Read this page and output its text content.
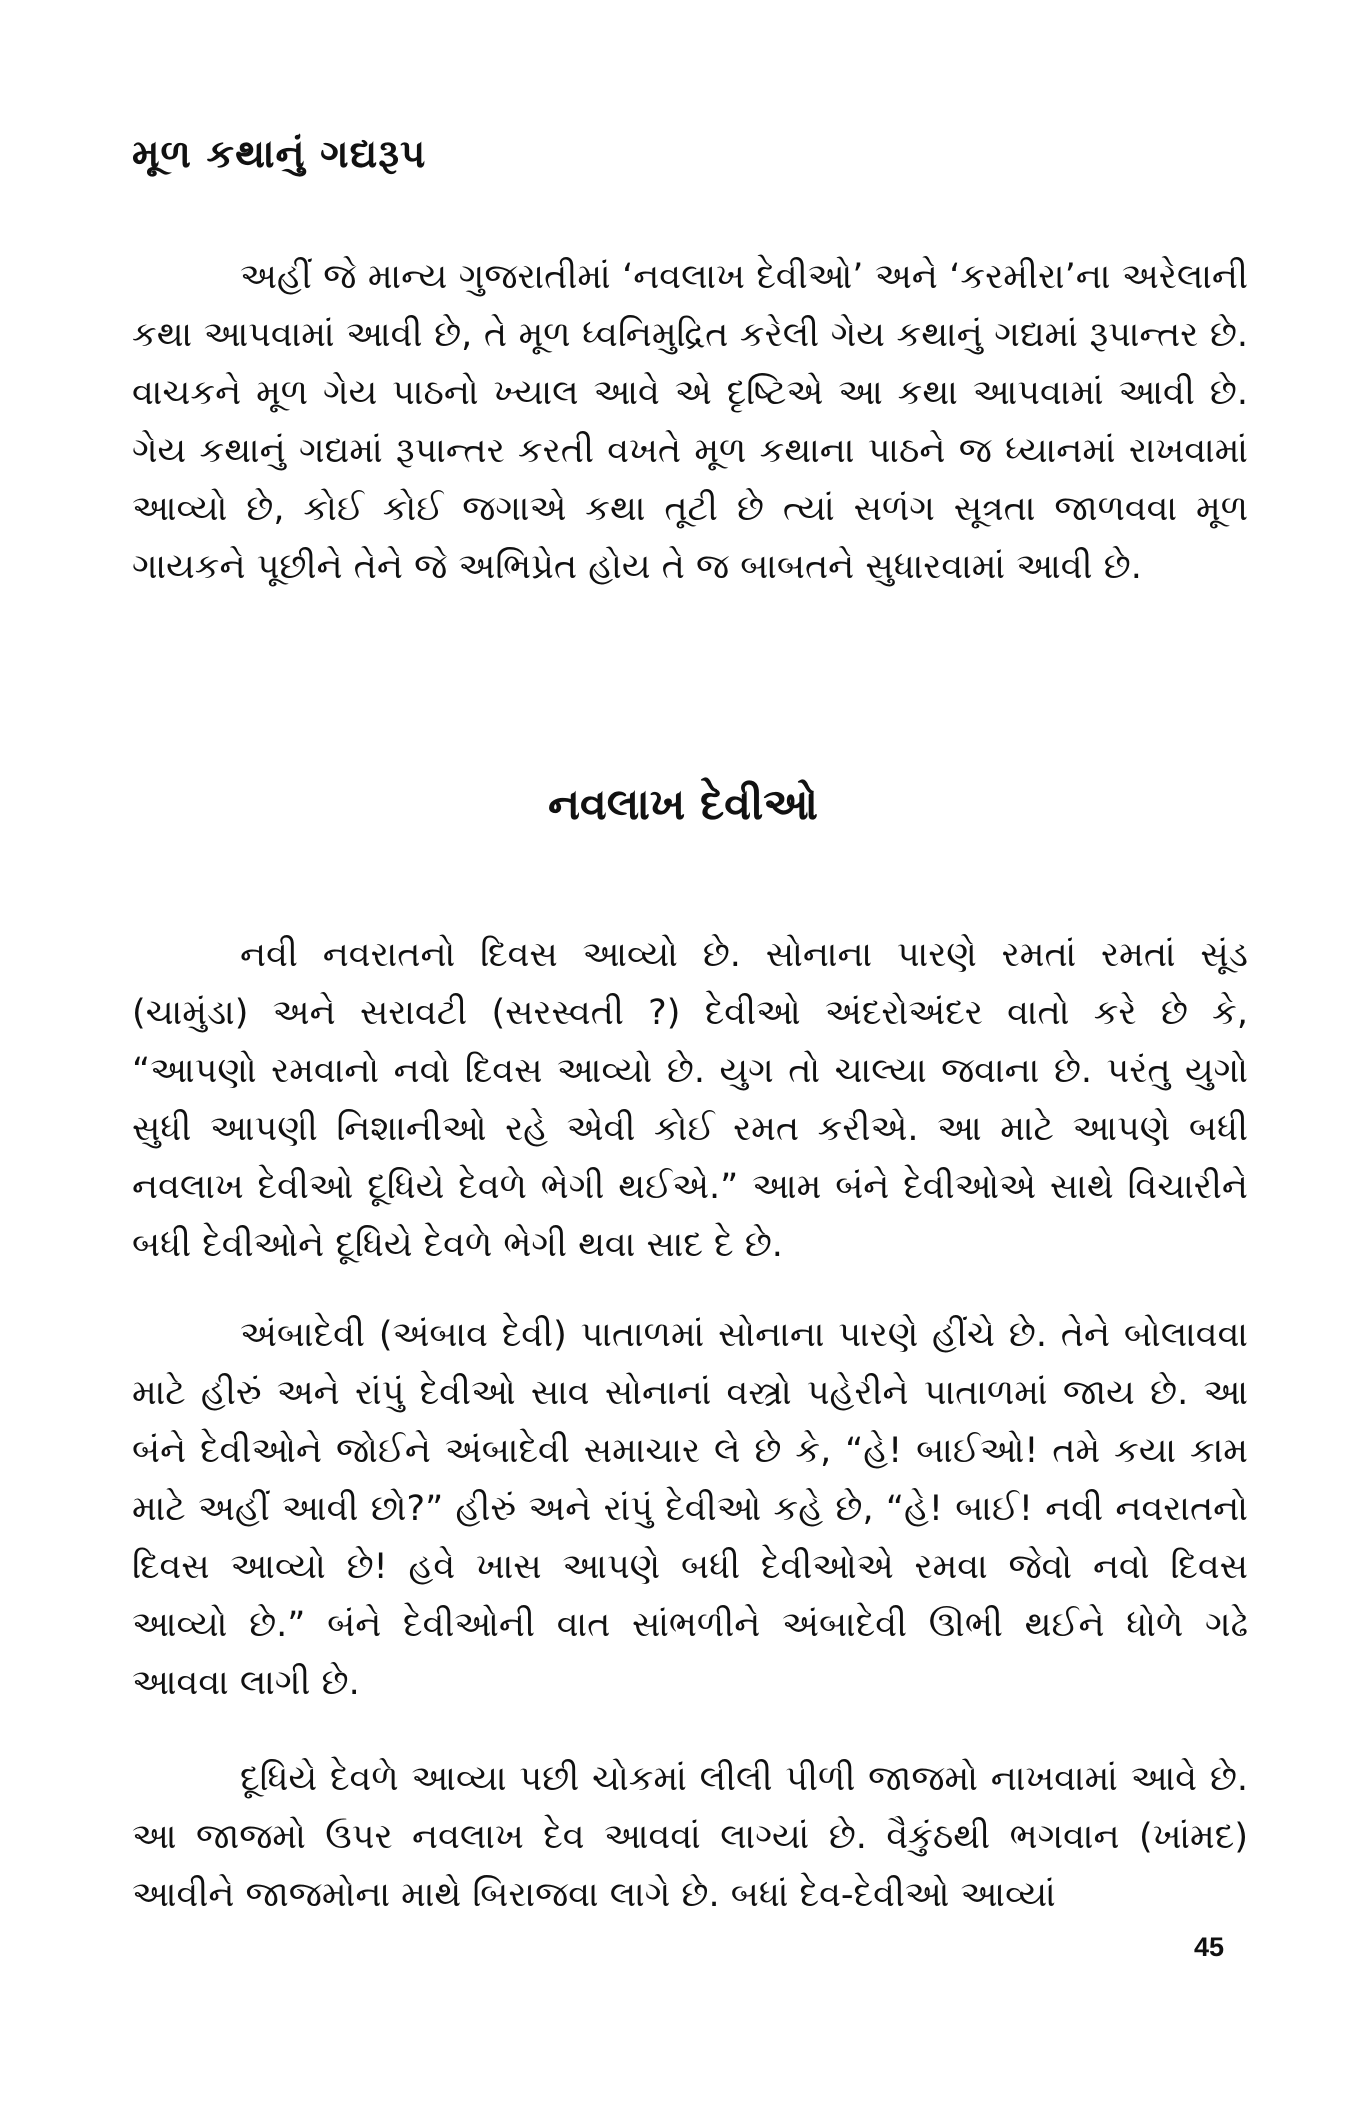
મૂળ કથાનું ગદ્યરૂપ

અહીં જે માન્ય ગુજરાતીમાં ‘નવલાખ દેવીઓ’ અને ‘કરમીરા’ના અરેલાની કથા આપવામાં આવી છે, તે મૂળ ધ્વનિમુદ્રિત કરેલી ગેય કથાનું ગદ્યમાં રૂપાન્તર છે. વાચકને મૂળ ગેય પાઠનો ખ્યાલ આવે એ દૃષ્ટિએ આ કથા આપવામાં આવી છે. ગેય કથાનું ગદ્યમાં રૂપાન્તર કરતી વખતે મૂળ કથાના પાઠને જ ધ્યાનમાં રાખવામાં આવ્યો છે, કોઈ કોઈ જગાએ કથા તૂટી છે ત્યાં સળંગ સૂત્રતા જાળવવા મૂળ ગાયકને પૂછીને તેને જે અભિપ્રેત હોય તે જ બાબતને સુધારવામાં આવી છે.

નવલાખ દેવીઓ

નવી નવરાતનો દિવસ આવ્યો છે. સોનાના પારણે રમતાં રમતાં સૂંડ (ચામુંડા) અને સરાવટી (સરસ્વતી ?) દેવીઓ અંદરોઅંદર વાતો કરે છે કે, “આપણો રમવાનો નવો દિવસ આવ્યો છે. યુગ તો ચાલ્યા જવાના છે. પરંતુ યુગો સુધી આપણી નિશાનીઓ રહે એવી કોઈ રમત કરીએ. આ માટે આપણે બધી નવલાખ દેવીઓ દૂધિયે દેવળે ભેગી થઈએ.” આમ બંને દેવીઓએ સાથે વિચારીને બધી દેવીઓને દૂધિયે દેવળે ભેગી થવા સાદ દે છે.

અંબાદેવી (અંબાવ દેવી) પાતાળમાં સોનાના પારણે હીંચે છે. તેને બોલાવવા માટે હીરું અને રાંપું દેવીઓ સાવ સોનાનાં વસ્ત્રો પહેરીને પાતાળમાં જાય છે. આ બંને દેવીઓને જોઈને અંબાદેવી સમાચાર લે છે કે, “હે! બાઈઓ! તમે કયા કામ માટે અહીં આવી છો?” હીરું અને રાંપું દેવીઓ કહે છે, “હે! બાઈ! નવી નવરાતનો દિવસ આવ્યો છે! હવે ખાસ આપણે બધી દેવીઓએ રમવા જેવો નવો દિવસ આવ્યો છે.” બંને દેવીઓની વાત સાંભળીને અંબાદેવી ઊભી થઈને ધોળે ગઢે આવવા લાગી છે.

દૂધિયે દેવળે આવ્યા પછી ચોકમાં લીલી પીળી જાજમો નાખવામાં આવે છે. આ જાજમો ઉપર નવલાખ દેવ આવવાં લાગ્યાં છે. વૈકુંઠથી ભગવાન (ખાંમદ) આવીને જાજમોના માથે બિરાજવા લાગે છે. બધાં દેવ-દેવીઓ આવ્યાં

45
